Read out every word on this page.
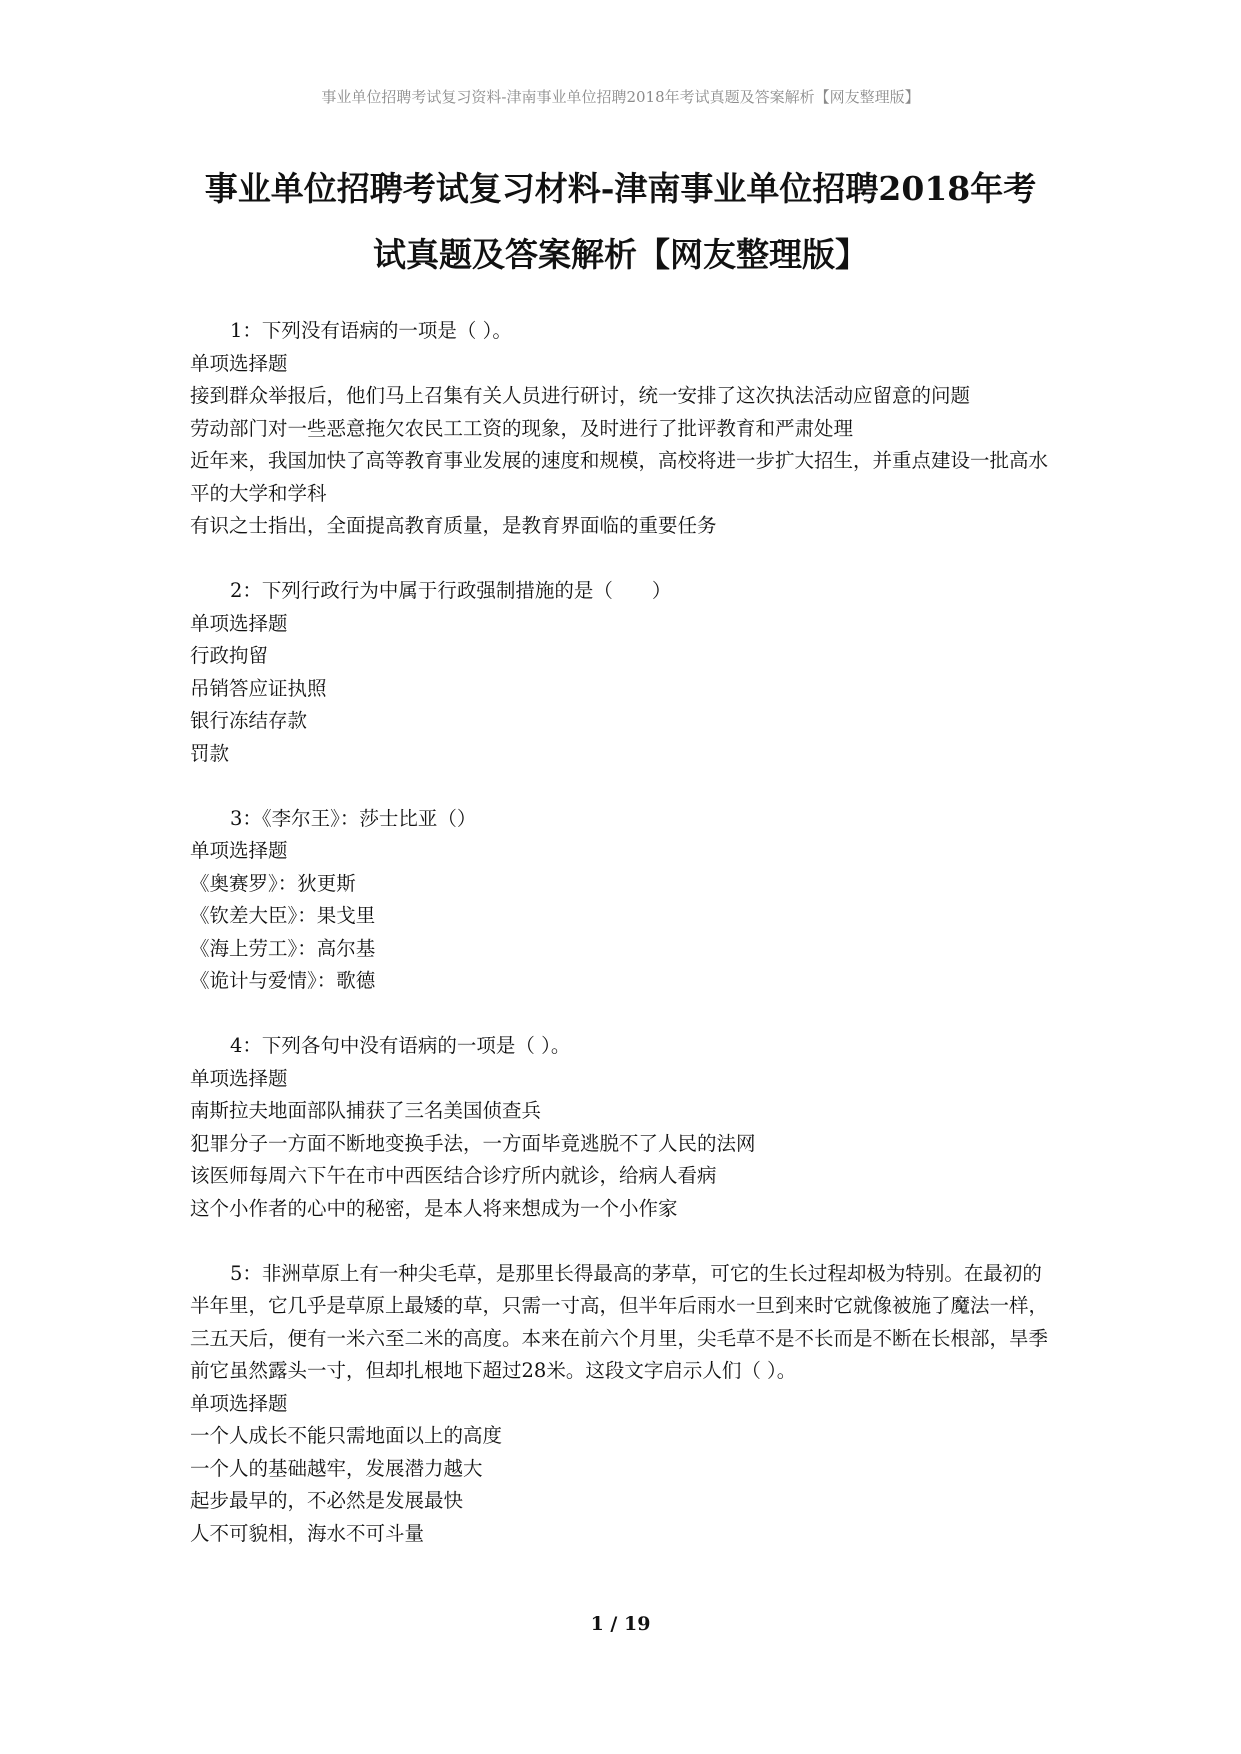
事业单位招聘考试复习资料-津南事业单位招聘2018年考试真题及答案解析【网友整理版】
事业单位招聘考试复习材料-津南事业单位招聘2018年考
试真题及答案解析【网友整理版】
1：下列没有语病的一项是（ ）。
单项选择题
接到群众举报后，他们马上召集有关人员进行研讨，统一安排了这次执法活动应留意的问题
劳动部门对一些恶意拖欠农民工工资的现象，及时进行了批评教育和严肃处理
近年来，我国加快了高等教育事业发展的速度和规模，高校将进一步扩大招生，并重点建设一批高水平的大学和学科
有识之士指出，全面提高教育质量，是教育界面临的重要任务
2：下列行政行为中属于行政强制措施的是（　　）
单项选择题
行政拘留
吊销答应证执照
银行冻结存款
罚款
3：《李尔王》：莎士比亚（）
单项选择题
《奥赛罗》：狄更斯
《钦差大臣》：果戈里
《海上劳工》：高尔基
《诡计与爱情》：歌德
4：下列各句中没有语病的一项是（ ）。
单项选择题
南斯拉夫地面部队捕获了三名美国侦查兵
犯罪分子一方面不断地变换手法，一方面毕竟逃脱不了人民的法网
该医师每周六下午在市中西医结合诊疗所内就诊，给病人看病
这个小作者的心中的秘密，是本人将来想成为一个小作家
5：非洲草原上有一种尖毛草，是那里长得最高的茅草，可它的生长过程却极为特别。在最初的半年里，它几乎是草原上最矮的草，只需一寸高，但半年后雨水一旦到来时它就像被施了魔法一样，三五天后，便有一米六至二米的高度。本来在前六个月里，尖毛草不是不长而是不断在长根部，旱季前它虽然露头一寸，但却扎根地下超过28米。这段文字启示人们（ ）。
单项选择题
一个人成长不能只需地面以上的高度
一个人的基础越牢，发展潜力越大
起步最早的，不必然是发展最快
人不可貌相，海水不可斗量
1 / 19
